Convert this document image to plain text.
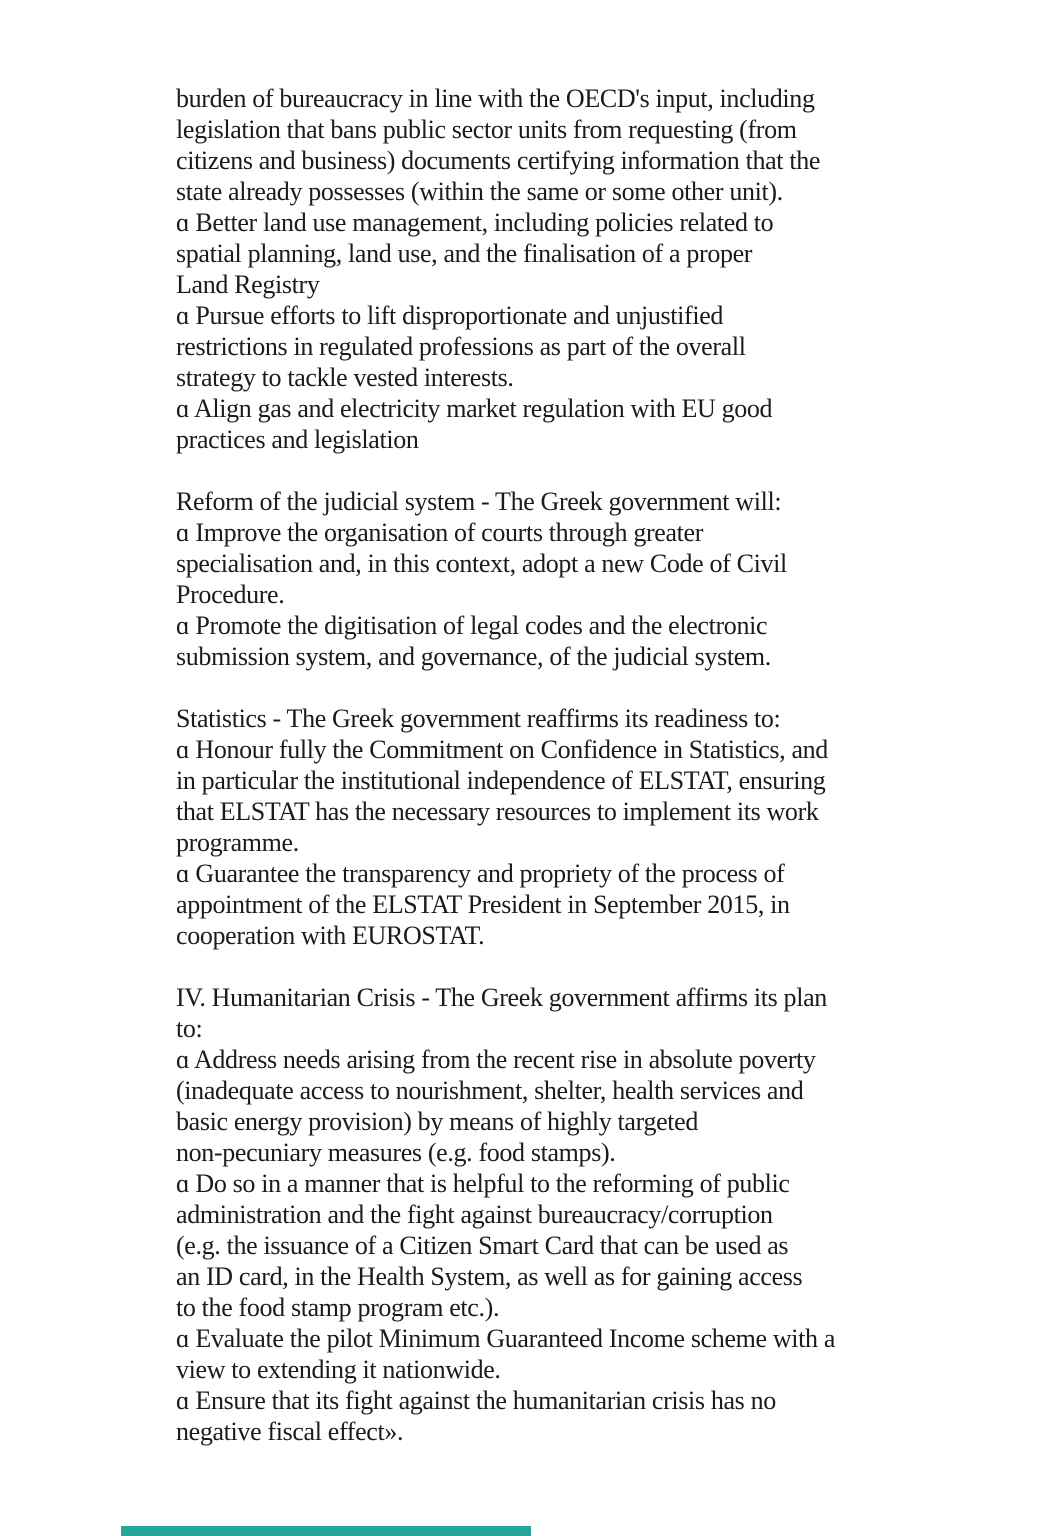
burden of bureaucracy in line with the OECD's input, including
legislation that bans public sector units from requesting (from
citizens and business) documents certifying information that the
state already possesses (within the same or some other unit).
ɑ Better land use management, including policies related to
spatial planning, land use, and the finalisation of a proper
Land Registry
ɑ Pursue efforts to lift disproportionate and unjustified
restrictions in regulated professions as part of the overall
strategy to tackle vested interests.
ɑ Align gas and electricity market regulation with EU good
practices and legislation
Reform of the judicial system - The Greek government will:
ɑ Improve the organisation of courts through greater
specialisation and, in this context, adopt a new Code of Civil
Procedure.
ɑ Promote the digitisation of legal codes and the electronic
submission system, and governance, of the judicial system.
Statistics - The Greek government reaffirms its readiness to:
ɑ Honour fully the Commitment on Confidence in Statistics, and
in particular the institutional independence of ELSTAT, ensuring
that ELSTAT has the necessary resources to implement its work
programme.
ɑ Guarantee the transparency and propriety of the process of
appointment of the ELSTAT President in September 2015, in
cooperation with EUROSTAT.
IV. Humanitarian Crisis - The Greek government affirms its plan
to:
ɑ Address needs arising from the recent rise in absolute poverty
(inadequate access to nourishment, shelter, health services and
basic energy provision) by means of highly targeted
non-pecuniary measures (e.g. food stamps).
ɑ Do so in a manner that is helpful to the reforming of public
administration and the fight against bureaucracy/corruption
(e.g. the issuance of a Citizen Smart Card that can be used as
an ID card, in the Health System, as well as for gaining access
to the food stamp program etc.).
ɑ Evaluate the pilot Minimum Guaranteed Income scheme with a
view to extending it nationwide.
ɑ Ensure that its fight against the humanitarian crisis has no
negative fiscal effect».
